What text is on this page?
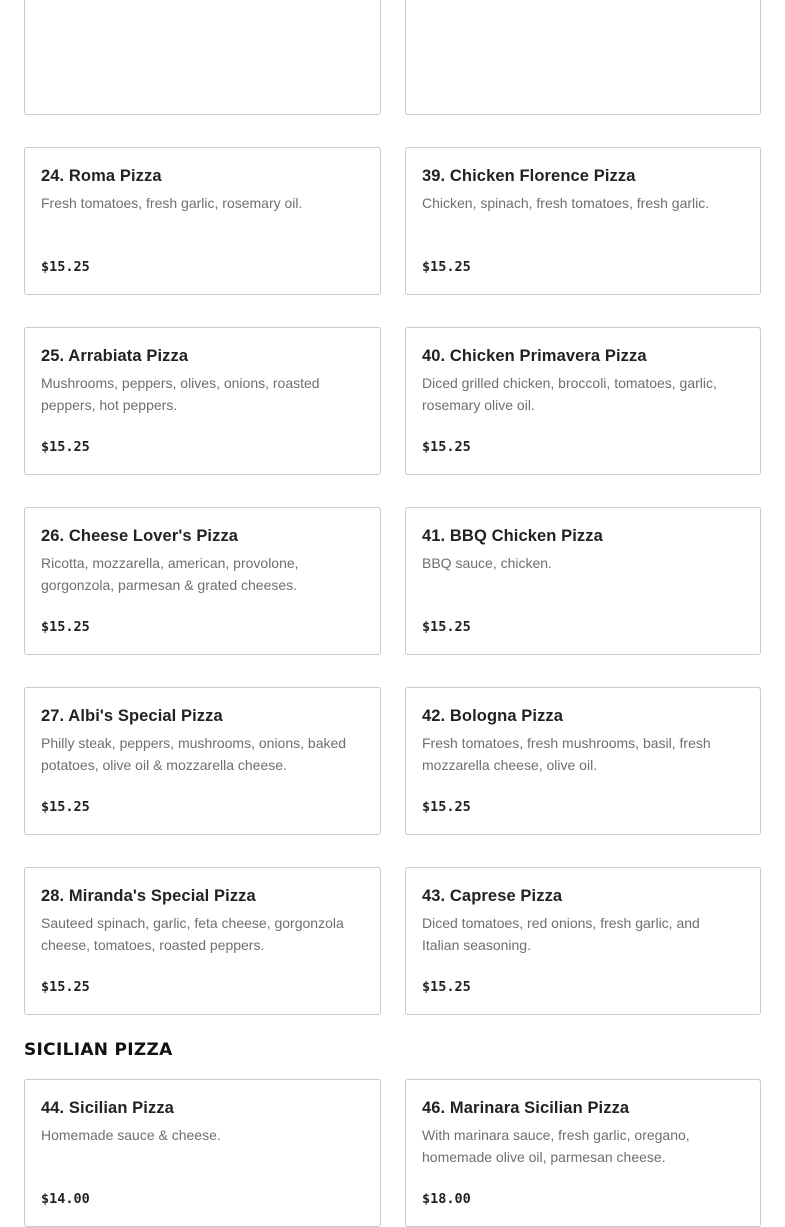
24. Roma Pizza
Fresh tomatoes, fresh garlic, rosemary oil.
$15.25
39. Chicken Florence Pizza
Chicken, spinach, fresh tomatoes, fresh garlic.
$15.25
25. Arrabiata Pizza
Mushrooms, peppers, olives, onions, roasted peppers, hot peppers.
$15.25
40. Chicken Primavera Pizza
Diced grilled chicken, broccoli, tomatoes, garlic, rosemary olive oil.
$15.25
26. Cheese Lover's Pizza
Ricotta, mozzarella, american, provolone, gorgonzola, parmesan & grated cheeses.
$15.25
41. BBQ Chicken Pizza
BBQ sauce, chicken.
$15.25
27. Albi's Special Pizza
Philly steak, peppers, mushrooms, onions, baked potatoes, olive oil & mozzarella cheese.
$15.25
42. Bologna Pizza
Fresh tomatoes, fresh mushrooms, basil, fresh mozzarella cheese, olive oil.
$15.25
28. Miranda's Special Pizza
Sauteed spinach, garlic, feta cheese, gorgonzola cheese, tomatoes, roasted peppers.
$15.25
43. Caprese Pizza
Diced tomatoes, red onions, fresh garlic, and Italian seasoning.
$15.25
SICILIAN PIZZA
44. Sicilian Pizza
Homemade sauce & cheese.
$14.00
46. Marinara Sicilian Pizza
With marinara sauce, fresh garlic, oregano, homemade olive oil, parmesan cheese.
$18.00
